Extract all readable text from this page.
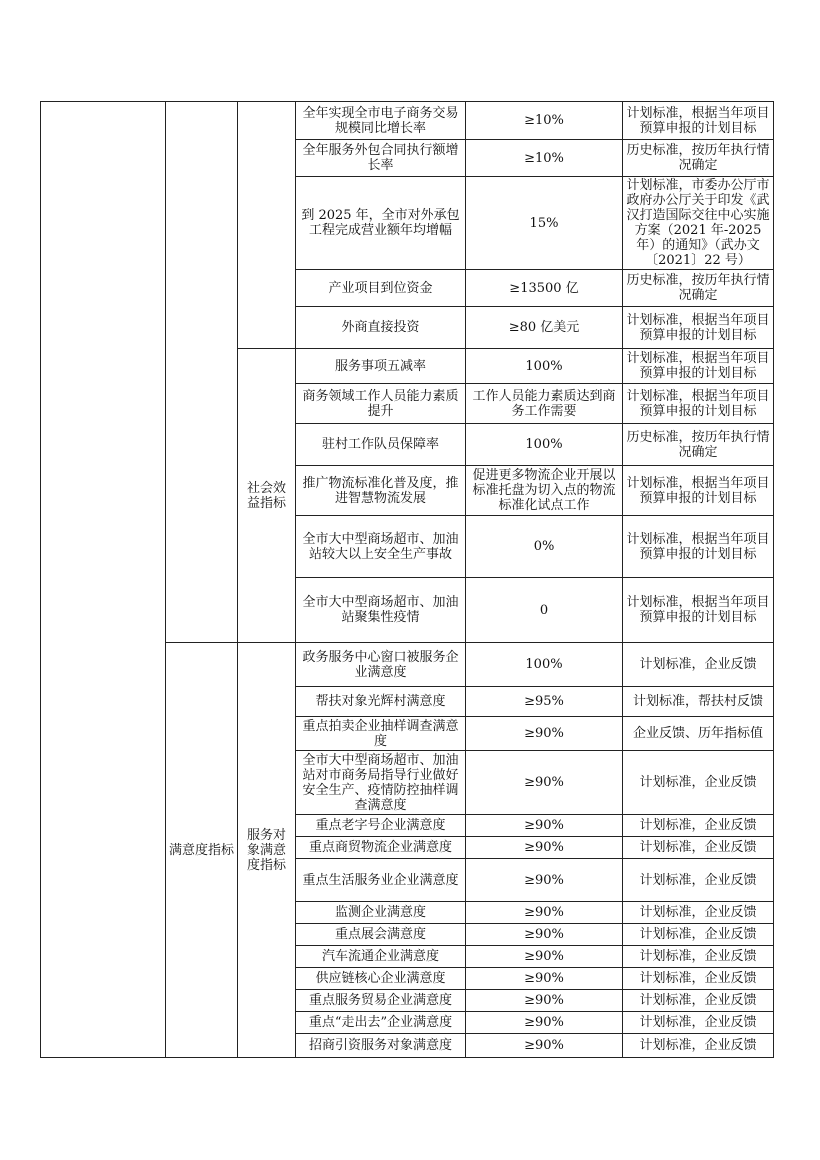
			全年实现全市电子商务交易规模同比增长率	≥10%	计划标准，根据当年项目预算申报的计划目标
			全年服务外包合同执行额增长率	≥10%	历史标准，按历年执行情况确定
			到 2025 年，全市对外承包工程完成营业额年均增幅	15%	计划标准，市委办公厅市政府办公厅关于印发《武汉打造国际交往中心实施方案（2021 年-2025 年）的通知》（武办文〔2021〕22 号）
			产业项目到位资金	≥13500 亿	历史标准，按历年执行情况确定
			外商直接投资	≥80 亿美元	计划标准，根据当年项目预算申报的计划目标
		社会效益指标	服务事项五减率	100%	计划标准，根据当年项目预算申报的计划目标
			商务领域工作人员能力素质提升	工作人员能力素质达到商务工作需要	计划标准，根据当年项目预算申报的计划目标
			驻村工作队员保障率	100%	历史标准，按历年执行情况确定
			推广物流标准化普及度，推进智慧物流发展	促进更多物流企业开展以标准托盘为切入点的物流标准化试点工作	计划标准，根据当年项目预算申报的计划目标
			全市大中型商场超市、加油站较大以上安全生产事故	0%	计划标准，根据当年项目预算申报的计划目标
			全市大中型商场超市、加油站聚集性疫情	0	计划标准，根据当年项目预算申报的计划目标
	满意度指标	服务对象满意度指标	政务服务中心窗口被服务企业满意度	100%	计划标准，企业反馈
			帮扶对象光辉村满意度	≥95%	计划标准，帮扶村反馈
			重点拍卖企业抽样调查满意度	≥90%	企业反馈、历年指标值
			全市大中型商场超市、加油站对市商务局指导行业做好安全生产、疫情防控抽样调查满意度	≥90%	计划标准，企业反馈
			重点老字号企业满意度	≥90%	计划标准，企业反馈
			重点商贸物流企业满意度	≥90%	计划标准，企业反馈
			重点生活服务业企业满意度	≥90%	计划标准，企业反馈
			监测企业满意度	≥90%	计划标准，企业反馈
			重点展会满意度	≥90%	计划标准，企业反馈
			汽车流通企业满意度	≥90%	计划标准，企业反馈
			供应链核心企业满意度	≥90%	计划标准，企业反馈
			重点服务贸易企业满意度	≥90%	计划标准，企业反馈
			重点“走出去”企业满意度	≥90%	计划标准，企业反馈
			招商引资服务对象满意度	≥90%	计划标准，企业反馈
